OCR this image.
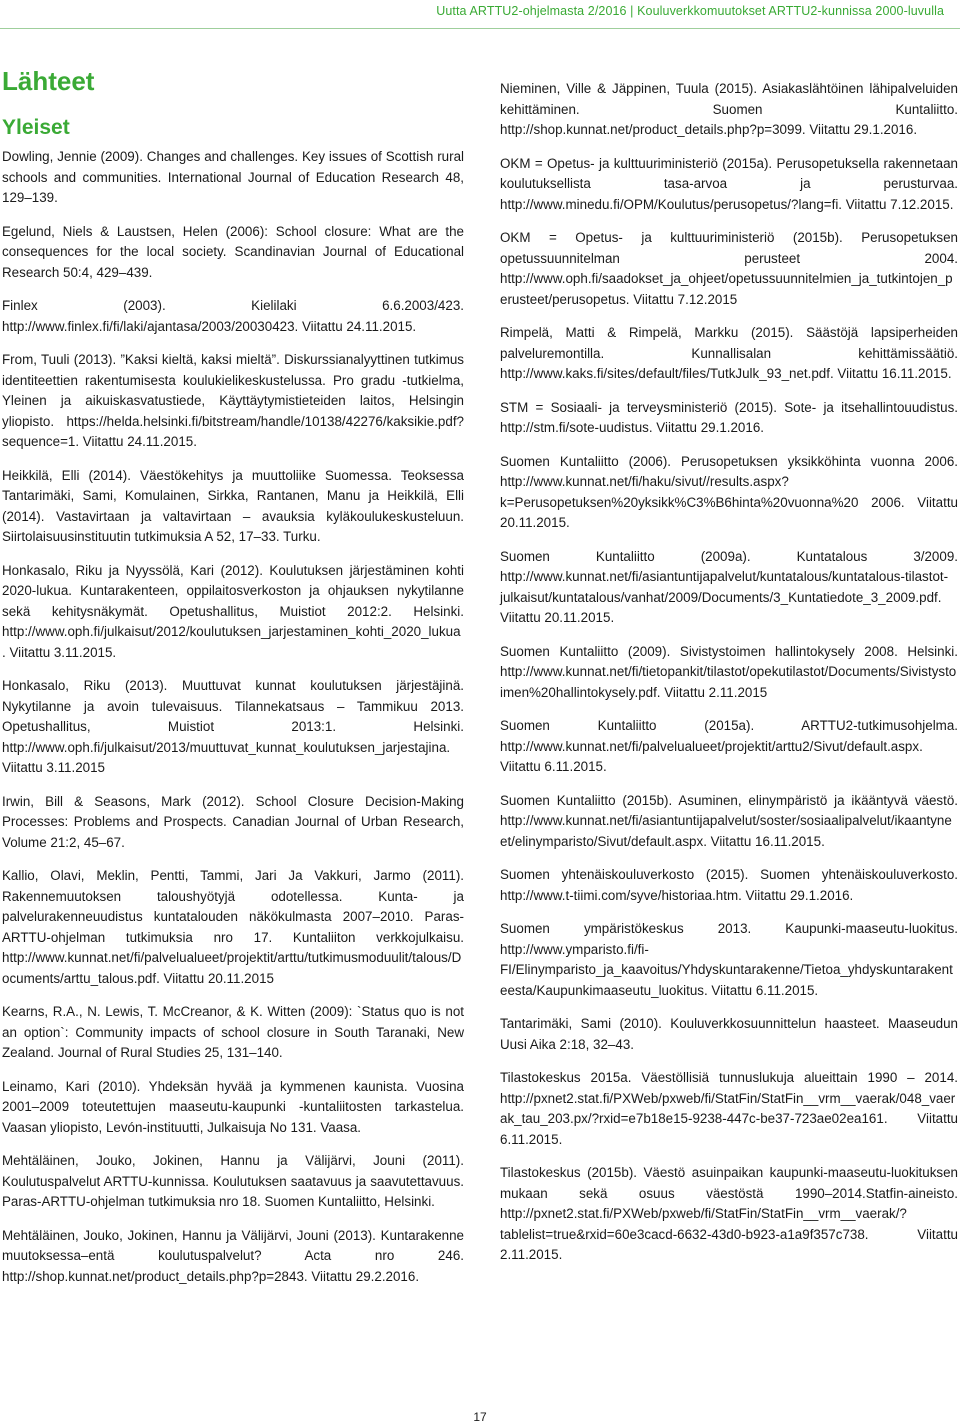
Uutta ARTTU2-ohjelmasta 2/2016 | Kouluverkkomuutokset ARTTU2-kunnissa 2000-luvulla
Lähteet
Yleiset

Dowling, Jennie (2009). Changes and challenges. Key issues of Scottish rural schools and communities. International Journal of Education Research 48, 129–139.

Egelund, Niels & Laustsen, Helen (2006): School closure: What are the consequences for the local society. Scandinavian Journal of Educational Research 50:4, 429–439.

Finlex (2003). Kielilaki 6.6.2003/423. http://www.finlex.fi/fi/laki/ajantasa/2003/20030423. Viitattu 24.11.2015.

From, Tuuli (2013). ”Kaksi kieltä, kaksi mieltä”. Diskurssianalyyttinen tutkimus identiteettien rakentumisesta koulukielikeskustelussa. Pro gradu -tutkielma, Yleinen ja aikuiskasvatustiede, Käyttäytymistieteiden laitos, Helsingin yliopisto. https://helda.helsinki.fi/bitstream/handle/10138/42276/kaksikie.pdf?sequence=1. Viitattu 24.11.2015.

Heikkilä, Elli (2014). Väestökehitys ja muuttoliike Suomessa. Teoksessa Tantarimäki, Sami, Komulainen, Sirkka, Rantanen, Manu ja Heikkilä, Elli (2014). Vastavirtaan ja valtavirtaan – avauksia kyläkoulukeskusteluun. Siirtolaisuusinstituutin tutkimuksia A 52, 17–33. Turku.

Honkasalo, Riku ja Nyyssölä, Kari (2012). Koulutuksen järjestäminen kohti 2020-lukua. Kuntarakenteen, oppilaitosverkoston ja ohjauksen nykytilanne sekä kehitysnäkymät. Opetushallitus, Muistiot 2012:2. Helsinki. http://www.oph.fi/julkaisut/2012/koulutuksen_jarjestaminen_kohti_2020_lukua. Viitattu 3.11.2015.

Honkasalo, Riku (2013). Muuttuvat kunnat koulutuksen järjestäjinä. Nykytilanne ja avoin tulevaisuus. Tilannekatsaus – Tammikuu 2013. Opetushallitus, Muistiot 2013:1. Helsinki. http://www.oph.fi/julkaisut/2013/muuttuvat_kunnat_koulutuksen_jarjestajina. Viitattu 3.11.2015

Irwin, Bill & Seasons, Mark (2012). School Closure Decision-Making Processes: Problems and Prospects. Canadian Journal of Urban Research, Volume 21:2, 45–67.

Kallio, Olavi, Meklin, Pentti, Tammi, Jari Ja Vakkuri, Jarmo (2011). Rakennemuutoksen taloushyötyjä odotellessa. Kunta- ja palvelurakenneuudistus kuntatalouden näkökulmasta 2007–2010. Paras-ARTTU-ohjelman tutkimuksia nro 17. Kuntaliiton verkkojulkaisu. http://www.kunnat.net/fi/palvelualueet/projektit/arttu/tutkimusmoduulit/talous/Documents/arttu_talous.pdf. Viitattu 20.11.2015

Kearns, R.A., N. Lewis, T. McCreanor, & K. Witten (2009): `Status quo is not an option`: Community impacts of school closure in South Taranaki, New Zealand. Journal of Rural Studies 25, 131–140.

Leinamo, Kari (2010). Yhdeksän hyvää ja kymmenen kaunista. Vuosina 2001–2009 toteutettujen maaseutu-kaupunki -kuntaliitosten tarkastelua. Vaasan yliopisto, Levón-instituutti, Julkaisuja No 131. Vaasa.

Mehtäläinen, Jouko, Jokinen, Hannu ja Välijärvi, Jouni (2011). Koulutuspalvelut ARTTU-kunnissa. Koulutuksen saatavuus ja saavutettavuus. Paras-ARTTU-ohjelman tutkimuksia nro 18. Suomen Kuntaliitto, Helsinki.

Mehtäläinen, Jouko, Jokinen, Hannu ja Välijärvi, Jouni (2013). Kuntarakenne muutoksessa–entä koulutuspalvelut? Acta nro 246. http://shop.kunnat.net/product_details.php?p=2843. Viitattu 29.2.2016.

Nieminen, Ville & Jäppinen, Tuula (2015). Asiakaslähtöinen lähipalveluiden kehittäminen. Suomen Kuntaliitto. http://shop.kunnat.net/product_details.php?p=3099. Viitattu 29.1.2016.

OKM = Opetus- ja kulttuuriministeriö (2015a). Perusopetuksella rakennetaan koulutuksellista tasa-arvoa ja perusturvaa. http://www.minedu.fi/OPM/Koulutus/perusopetus/?lang=fi. Viitattu 7.12.2015.

OKM = Opetus- ja kulttuuriministeriö (2015b). Perusopetuksen opetussuunnitelman perusteet 2004. http://www.oph.fi/saadokset_ja_ohjeet/opetussuunnitelmien_ja_tutkintojen_perusteet/perusopetus. Viitattu 7.12.2015

Rimpelä, Matti & Rimpelä, Markku (2015). Säästöjä lapsiperheiden palveluremontilla. Kunnallisalan kehittämissäätiö. http://www.kaks.fi/sites/default/files/TutkJulk_93_net.pdf. Viitattu 16.11.2015.

STM = Sosiaali- ja terveysministeriö (2015). Sote- ja itsehallintouudistus. http://stm.fi/sote-uudistus. Viitattu 29.1.2016.

Suomen Kuntaliitto (2006). Perusopetuksen yksikköhinta vuonna 2006. http://www.kunnat.net/fi/haku/sivut//results.aspx?k=Perusopetuksen%20yksikk%C3%B6hinta%20vuonna%20 2006. Viitattu 20.11.2015.

Suomen Kuntaliitto (2009a). Kuntatalous 3/2009. http://www.kunnat.net/fi/asiantuntijapalvelut/kuntatalous/kuntatalous-tilastot-julkaisut/kuntatalous/vanhat/2009/Documents/3_Kuntatiedote_3_2009.pdf. Viitattu 20.11.2015.

Suomen Kuntaliitto (2009). Sivistystoimen hallintokysely 2008. Helsinki. http://www.kunnat.net/fi/tietopankit/tilastot/opekutilastot/Documents/Sivistystoimen%20hallintokysely.pdf. Viitattu 2.11.2015

Suomen Kuntaliitto (2015a). ARTTU2-tutkimusohjelma. http://www.kunnat.net/fi/palvelualueet/projektit/arttu2/Sivut/default.aspx. Viitattu 6.11.2015.

Suomen Kuntaliitto (2015b). Asuminen, elinympäristö ja ikääntyvä väestö. http://www.kunnat.net/fi/asiantuntijapalvelut/soster/sosiaalipalvelut/ikaantyneet/elinymparisto/Sivut/default.aspx. Viitattu 16.11.2015.

Suomen yhtenäiskouluverkosto (2015). Suomen yhtenäiskouluverkosto. http://www.t-tiimi.com/syve/historiaa.htm. Viitattu 29.1.2016.

Suomen ympäristökeskus 2013. Kaupunki-maaseutu-luokitus. http://www.ymparisto.fi/fi-FI/Elinymparisto_ja_kaavoitus/Yhdyskuntarakenne/Tietoa_yhdyskuntarakenteesta/Kaupunkimaaseutu_luokitus. Viitattu 6.11.2015.

Tantarimäki, Sami (2010). Kouluverkkosuunnittelun haasteet. Maaseudun Uusi Aika 2:18, 32–43.

Tilastokeskus 2015a. Väestöllisiä tunnuslukuja alueittain 1990 – 2014. http://pxnet2.stat.fi/PXWeb/pxweb/fi/StatFin/StatFin__vrm__vaerak/048_vaerak_tau_203.px/?rxid=e7b18e15-9238-447c-be37-723ae02ea161. Viitattu 6.11.2015.

Tilastokeskus (2015b). Väestö asuinpaikan kaupunki-maaseutu-luokituksen mukaan sekä osuus väestöstä 1990–2014.Statfin-aineisto. http://pxnet2.stat.fi/PXWeb/pxweb/fi/StatFin/StatFin__vrm__vaerak/?tablelist=true&rxid=60e3cacd-6632-43d0-b923-a1a9f357c738. Viitattu 2.11.2015.

17
